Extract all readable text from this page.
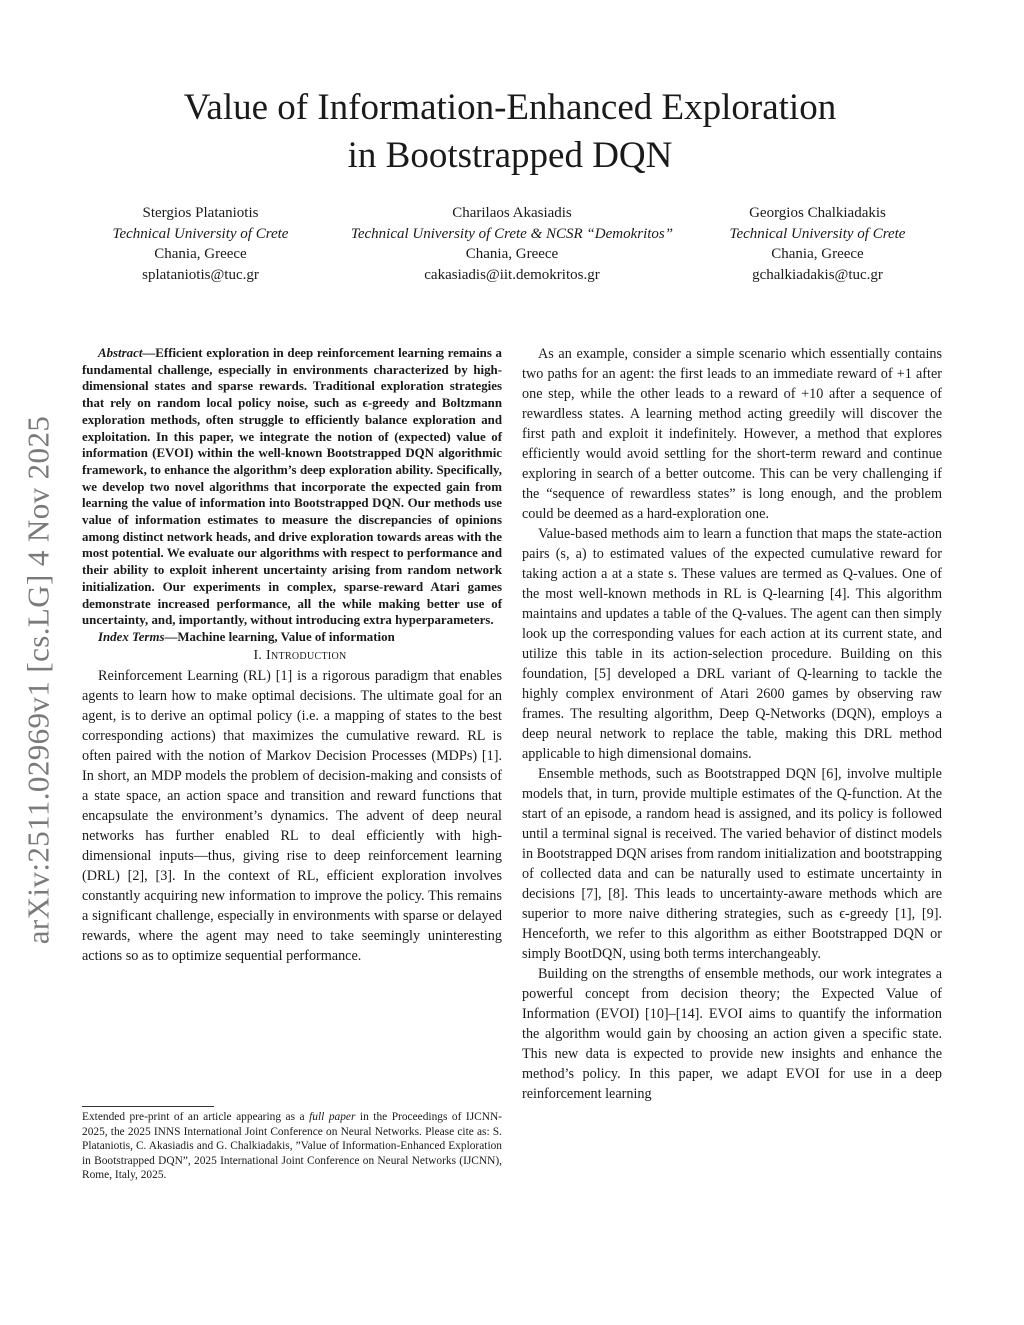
arXiv:2511.02969v1 [cs.LG] 4 Nov 2025
Value of Information-Enhanced Exploration
in Bootstrapped DQN
Stergios Plataniotis
Technical University of Crete
Chania, Greece
splataniotis@tuc.gr
Charilaos Akasiadis
Technical University of Crete & NCSR “Demokritos”
Chania, Greece
cakasiadis@iit.demokritos.gr
Georgios Chalkiadakis
Technical University of Crete
Chania, Greece
gchalkiadakis@tuc.gr

Abstract—Efficient exploration in deep reinforcement learning remains a fundamental challenge, especially in environments characterized by high-dimensional states and sparse rewards. Traditional exploration strategies that rely on random local policy noise, such as ϵ-greedy and Boltzmann exploration methods, often struggle to efficiently balance exploration and exploitation. In this paper, we integrate the notion of (expected) value of information (EVOI) within the well-known Bootstrapped DQN algorithmic framework, to enhance the algorithm’s deep exploration ability. Specifically, we develop two novel algorithms that incorporate the expected gain from learning the value of information into Bootstrapped DQN. Our methods use value of information estimates to measure the discrepancies of opinions among distinct network heads, and drive exploration towards areas with the most potential. We evaluate our algorithms with respect to performance and their ability to exploit inherent uncertainty arising from random network initialization. Our experiments in complex, sparse-reward Atari games demonstrate increased performance, all the while making better use of uncertainty, and, importantly, without introducing extra hyperparameters.

Index Terms—Machine learning, Value of information

I. Introduction

Reinforcement Learning (RL) [1] is a rigorous paradigm that enables agents to learn how to make optimal decisions. The ultimate goal for an agent, is to derive an optimal policy (i.e. a mapping of states to the best corresponding actions) that maximizes the cumulative reward. RL is often paired with the notion of Markov Decision Processes (MDPs) [1]. In short, an MDP models the problem of decision-making and consists of a state space, an action space and transition and reward functions that encapsulate the environment’s dynamics. The advent of deep neural networks has further enabled RL to deal efficiently with high-dimensional inputs—thus, giving rise to deep reinforcement learning (DRL) [2], [3]. In the context of RL, efficient exploration involves constantly acquiring new information to improve the policy. This remains a significant challenge, especially in environments with sparse or delayed rewards, where the agent may need to take seemingly uninteresting actions so as to optimize sequential performance.

Extended pre-print of an article appearing as a full paper in the Proceedings of IJCNN-2025, the 2025 INNS International Joint Conference on Neural Networks. Please cite as: S. Plataniotis, C. Akasiadis and G. Chalkiadakis, ”Value of Information-Enhanced Exploration in Bootstrapped DQN”, 2025 International Joint Conference on Neural Networks (IJCNN), Rome, Italy, 2025.

As an example, consider a simple scenario which essentially contains two paths for an agent: the first leads to an immediate reward of +1 after one step, while the other leads to a reward of +10 after a sequence of rewardless states. A learning method acting greedily will discover the first path and exploit it indefinitely. However, a method that explores efficiently would avoid settling for the short-term reward and continue exploring in search of a better outcome. This can be very challenging if the “sequence of rewardless states” is long enough, and the problem could be deemed as a hard-exploration one.

Value-based methods aim to learn a function that maps the state-action pairs (s, a) to estimated values of the expected cumulative reward for taking action a at a state s. These values are termed as Q-values. One of the most well-known methods in RL is Q-learning [4]. This algorithm maintains and updates a table of the Q-values. The agent can then simply look up the corresponding values for each action at its current state, and utilize this table in its action-selection procedure. Building on this foundation, [5] developed a DRL variant of Q-learning to tackle the highly complex environment of Atari 2600 games by observing raw frames. The resulting algorithm, Deep Q-Networks (DQN), employs a deep neural network to replace the table, making this DRL method applicable to high dimensional domains.

Ensemble methods, such as Bootstrapped DQN [6], involve multiple models that, in turn, provide multiple estimates of the Q-function. At the start of an episode, a random head is assigned, and its policy is followed until a terminal signal is received. The varied behavior of distinct models in Bootstrapped DQN arises from random initialization and bootstrapping of collected data and can be naturally used to estimate uncertainty in decisions [7], [8]. This leads to uncertainty-aware methods which are superior to more naive dithering strategies, such as ϵ-greedy [1], [9]. Henceforth, we refer to this algorithm as either Bootstrapped DQN or simply BootDQN, using both terms interchangeably.

Building on the strengths of ensemble methods, our work integrates a powerful concept from decision theory; the Expected Value of Information (EVOI) [10]–[14]. EVOI aims to quantify the information the algorithm would gain by choosing an action given a specific state. This new data is expected to provide new insights and enhance the method’s policy. In this paper, we adapt EVOI for use in a deep reinforcement learning
